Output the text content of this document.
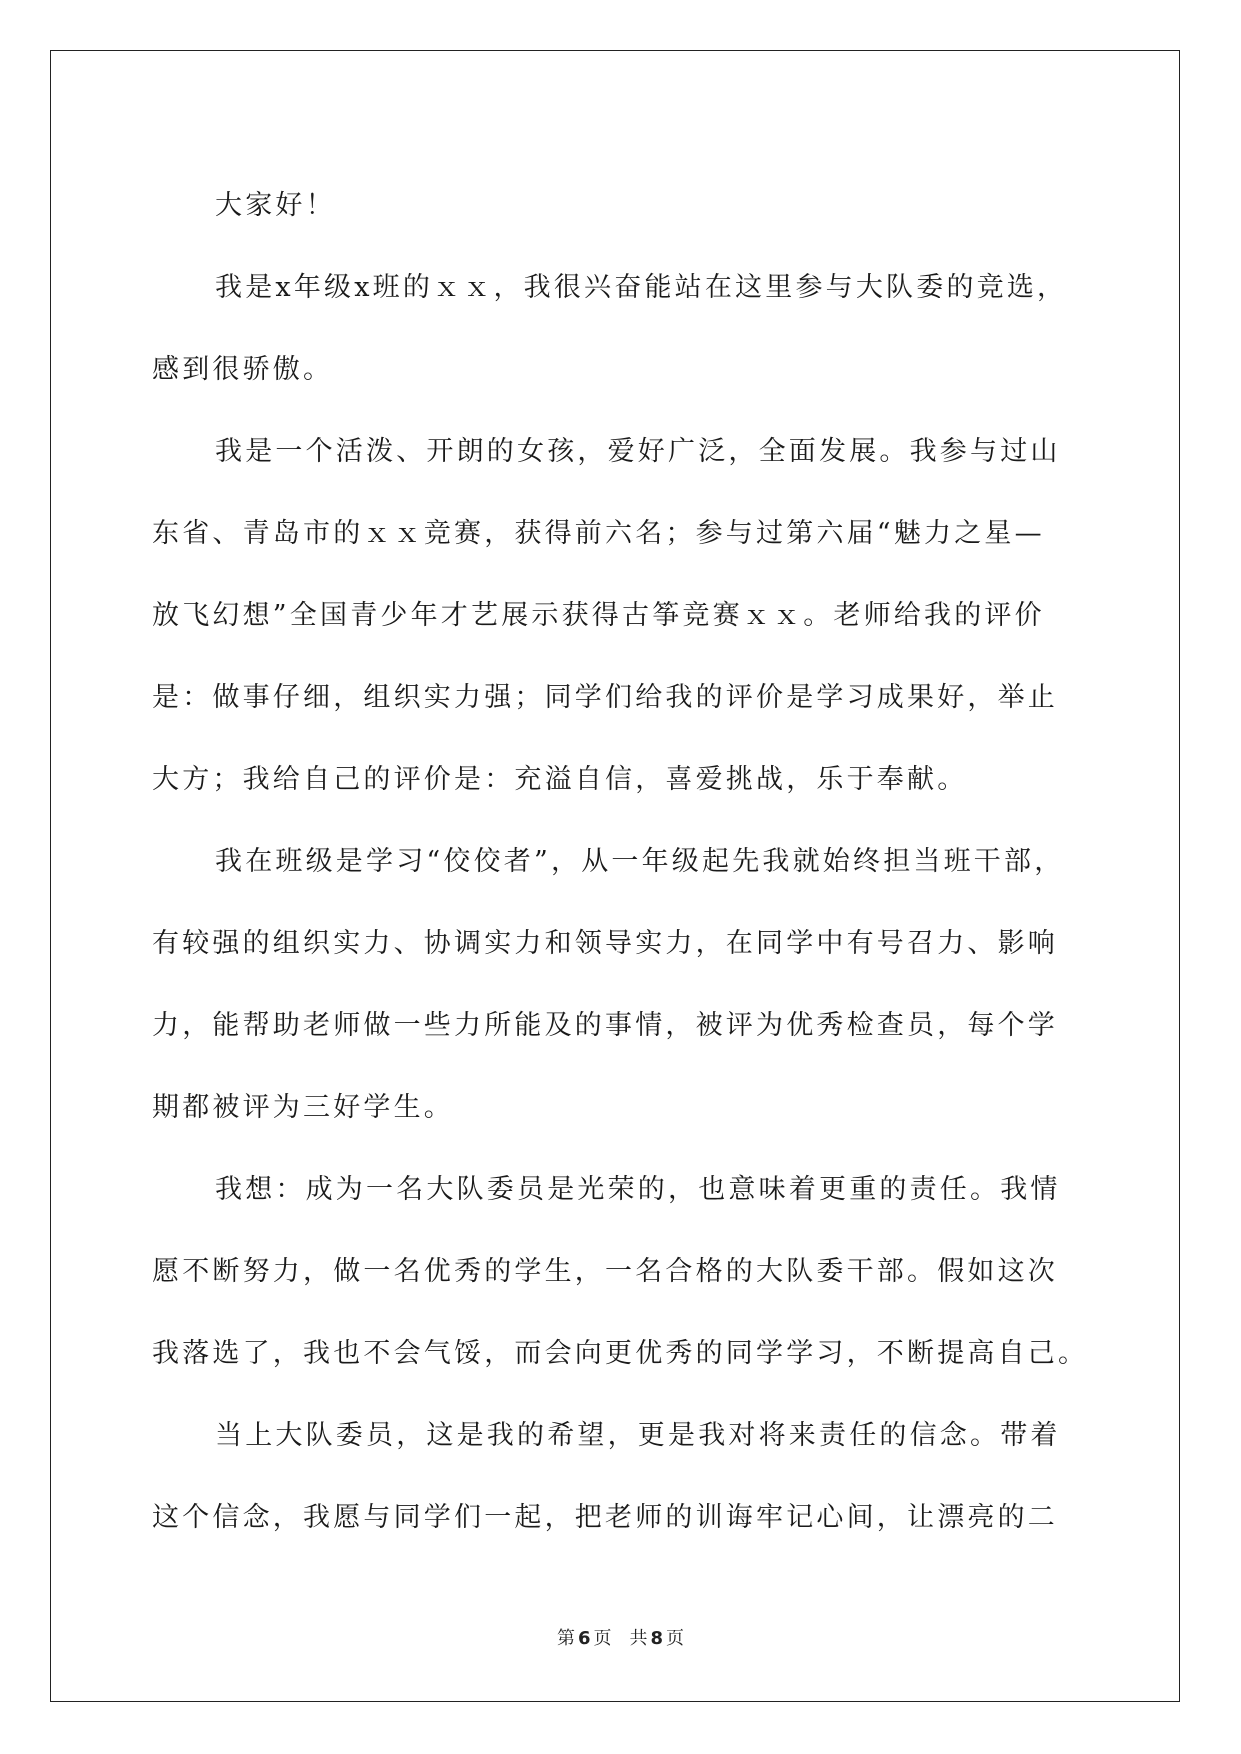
大家好！
我是x年级x班的ｘｘ，我很兴奋能站在这里参与大队委的竞选，
感到很骄傲。
我是一个活泼、开朗的女孩，爱好广泛，全面发展。我参与过山
东省、青岛市的ｘｘ竞赛，获得前六名；参与过第六届“魅力之星—
放飞幻想”全国青少年才艺展示获得古筝竞赛ｘｘ。老师给我的评价
是：做事仔细，组织实力强；同学们给我的评价是学习成果好，举止
大方；我给自己的评价是：充溢自信，喜爱挑战，乐于奉献。
我在班级是学习“佼佼者”，从一年级起先我就始终担当班干部，
有较强的组织实力、协调实力和领导实力，在同学中有号召力、影响
力，能帮助老师做一些力所能及的事情，被评为优秀检查员，每个学
期都被评为三好学生。
我想：成为一名大队委员是光荣的，也意味着更重的责任。我情
愿不断努力，做一名优秀的学生，一名合格的大队委干部。假如这次
我落选了，我也不会气馁，而会向更优秀的同学学习，不断提高自己。
当上大队委员，这是我的希望，更是我对将来责任的信念。带着
这个信念，我愿与同学们一起，把老师的训诲牢记心间，让漂亮的二
第 6 页 共 8 页
